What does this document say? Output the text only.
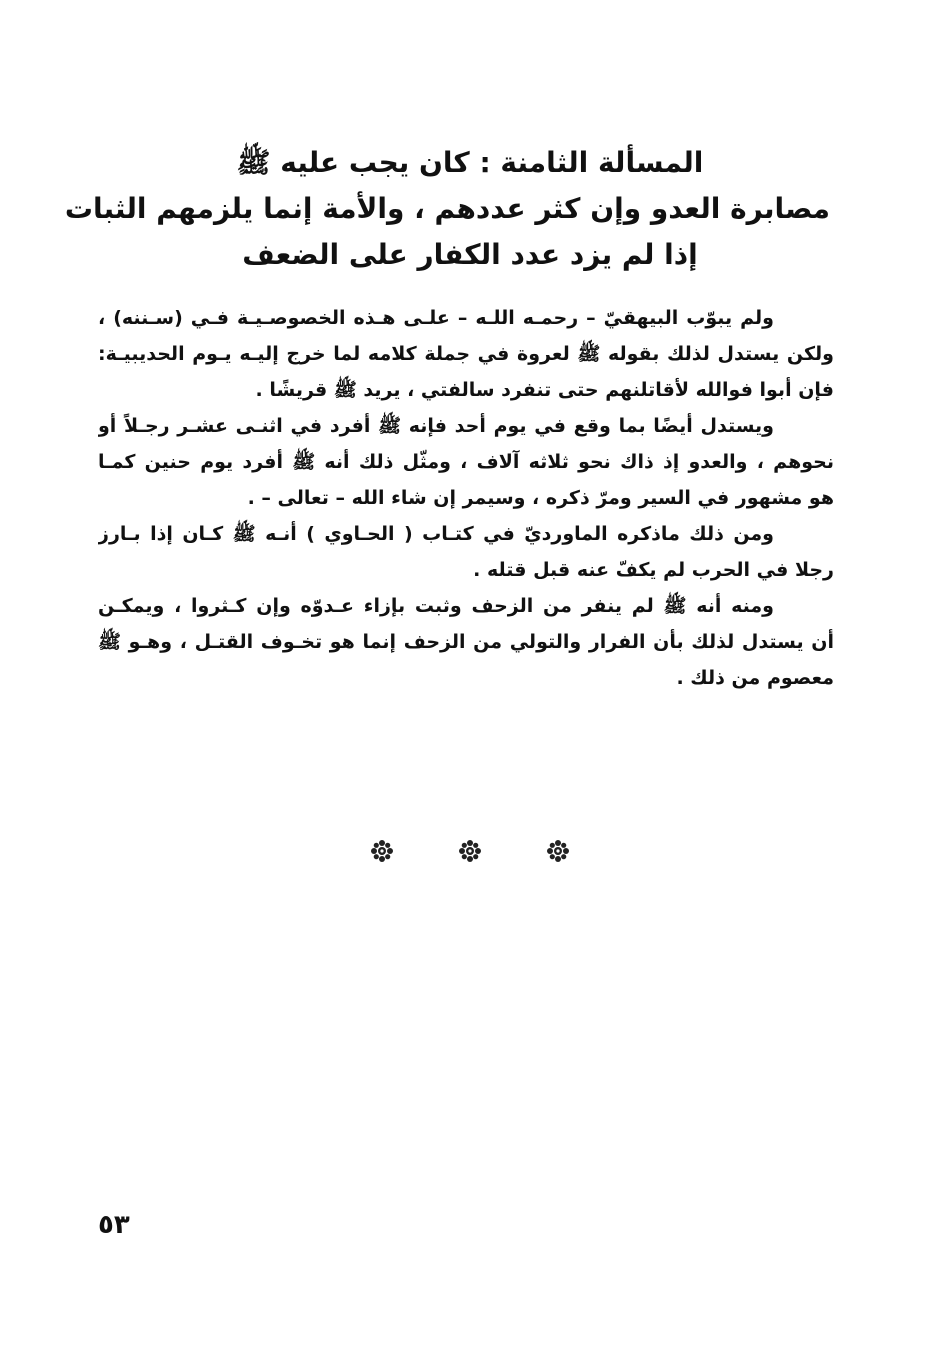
المسألة الثامنة : كان يجب عليه ﷺ
مصابرة العدو وإن كثر عددهم ، والأمة إنما يلزمهم الثبات
إذا لم يزد عدد الكفار على الضعف
ولم يبوّب البيهقيّ – رحمـه اللـه – علـى هـذه الخصوصـيـة فـي (سـننه) ،
ولكن يستدل لذلك بقوله ﷺ لعروة في جملة كلامه لما خرج إليـه يـوم الحديبيـة:
فإن أبوا فوالله لأقاتلنهم حتى تنفرد سالفتي ، يريد ﷺ قريشًا .
ويستدل أيضًا بما وقع في يوم أحد فإنه ﷺ أفرد في اثنـى عشـر رجـلاً أو
نحوهم ، والعدو إذ ذاك نحو ثلاثه آلاف ، ومثّل ذلك أنه ﷺ أفرد يوم حنين كمـا
هو مشهور في السير ومرّ ذكره ، وسيمر إن شاء الله – تعالى – .
ومن ذلك ماذكره الماورديّ في كتـاب ( الحـاوي ) أنـه ﷺ كـان إذا بـارز
رجلا في الحرب لم يكفّ عنه قبل قتله .
ومنه أنه ﷺ لم ينفر من الزحف وثبت بإزاء عـدوّه وإن كـثروا ، ويمكـن
أن يستدل لذلك بأن الفرار والتولي من الزحف إنما هو تخـوف القتـل ، وهـو ﷺ
معصوم من ذلك .
٥٣
